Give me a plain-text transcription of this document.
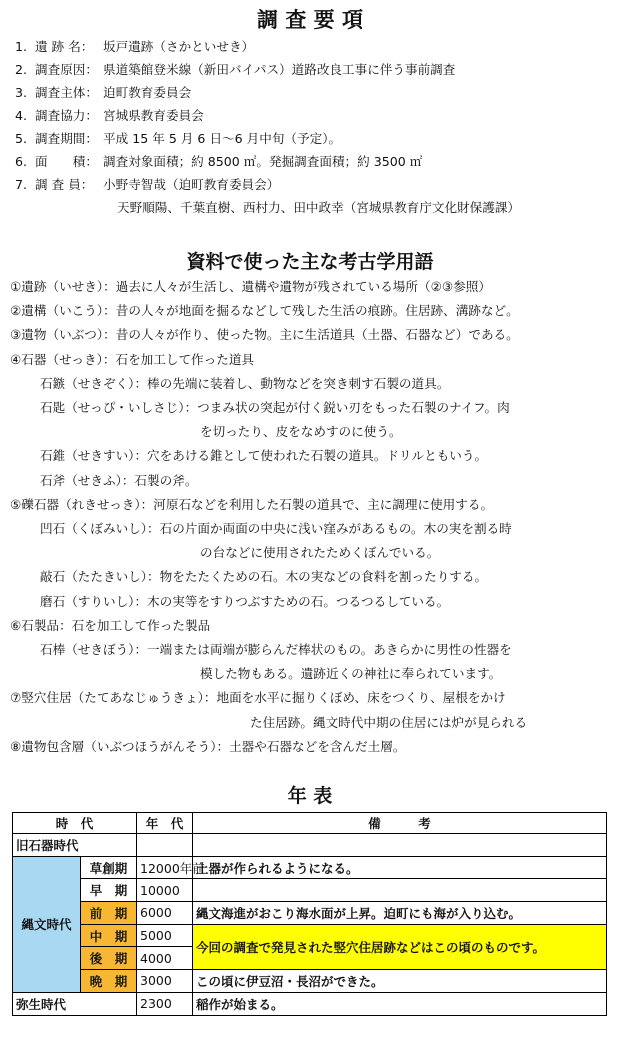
調 査 要 項
1. 遺 跡 名： 坂戸遺跡（さかといせき）
2. 調査原因： 県道築館登米線（新田バイパス）道路改良工事に伴う事前調査
3. 調査主体： 迫町教育委員会
4. 調査協力： 宮城県教育委員会
5. 調査期間： 平成 15 年 5 月 6 日～6 月中旬（予定）。
6. 面　　積： 調査対象面積；約 8500 ㎡。発掘調査面積；約 3500 ㎡
7. 調 査 員： 小野寺智哉（迫町教育委員会）
天野順陽、千葉直樹、西村力、田中政幸（宮城県教育庁文化財保護課）
資料で使った主な考古学用語
①遺跡（いせき）：過去に人々が生活し、遺構や遺物が残されている場所（②③参照）
②遺構（いこう）：昔の人々が地面を掘るなどして残した生活の痕跡。住居跡、溝跡など。
③遺物（いぶつ）：昔の人々が作り、使った物。主に生活道具（土器、石器など）である。
④石器（せっき）：石を加工して作った道具
石鏃（せきぞく）：棒の先端に装着し、動物などを突き刺す石製の道具。
石匙（せっぴ・いしさじ）：つまみ状の突起が付く鋭い刃をもった石製のナイフ。肉
を切ったり、皮をなめすのに使う。
石錐（せきすい）：穴をあける錐として使われた石製の道具。ドリルともいう。
石斧（せきふ）：石製の斧。
⑤礫石器（れきせっき）：河原石などを利用した石製の道具で、主に調理に使用する。
凹石（くぼみいし）：石の片面か両面の中央に浅い窪みがあるもの。木の実を割る時
の台などに使用されたためくぼんでいる。
敲石（たたきいし）：物をたたくための石。木の実などの食料を割ったりする。
磨石（すりいし）：木の実等をすりつぶすための石。つるつるしている。
⑥石製品：石を加工して作った製品
石棒（せきぼう）：一端または両端が膨らんだ棒状のもの。あきらかに男性の性器を
模した物もある。遺跡近くの神社に奉られています。
⑦竪穴住居（たてあなじゅうきょ）：地面を水平に掘りくぼめ、床をつくり、屋根をかけ
た住居跡。縄文時代中期の住居には炉が見られる
⑧遺物包含層（いぶつほうがんそう）：土器や石器などを含んだ土層。
年 表
時　代		年　代	備　　　考
旧石器時代			
縄文時代	草創期	12000年前	土器が作られるようになる。
	早　期	10000	
	前　期	6000	縄文海進がおこり海水面が上昇。迫町にも海が入り込む。
	中　期	5000	今回の調査で発見された竪穴住居跡などはこの頃のものです。
	後　期	4000	
	晩　期	3000	この頃に伊豆沼・長沼ができた。
弥生時代		2300	稲作が始まる。
